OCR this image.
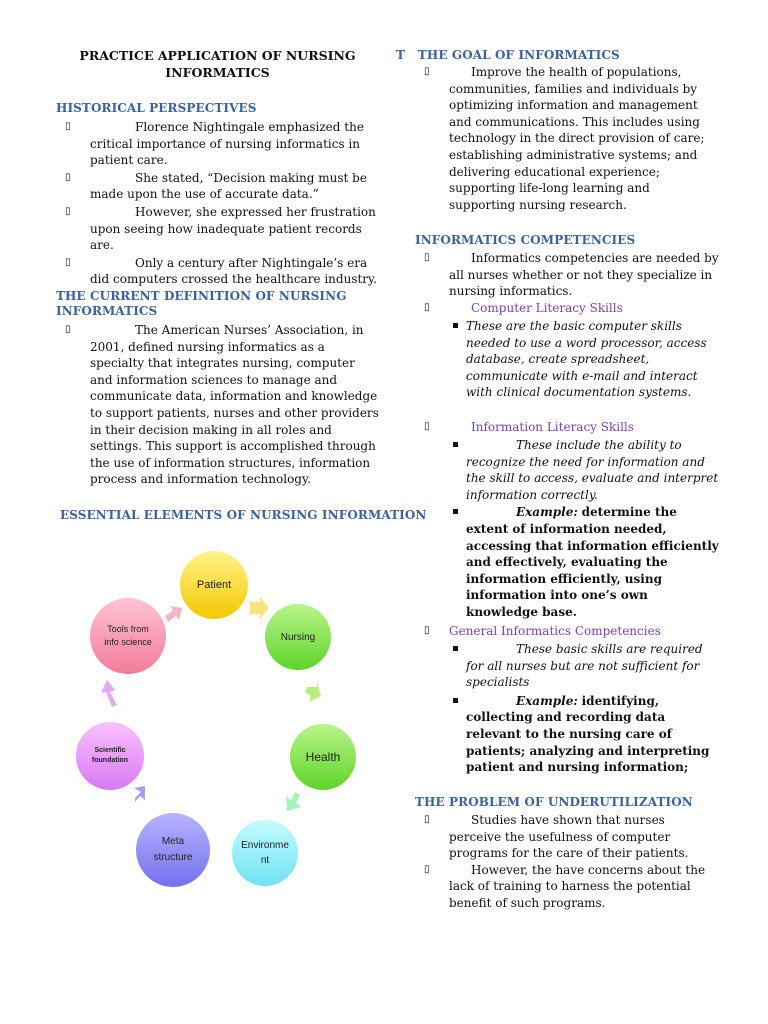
PRACTICE APPLICATION OF NURSING
INFORMATICS
HISTORICAL PERSPECTIVES
▯	Florence Nightingale emphasized the critical importance of nursing informatics in patient care.
▯	She stated, “Decision making must be made upon the use of accurate data.”
▯	However, she expressed her frustration upon seeing how inadequate patient records are.
▯	Only a century after Nightingale’s era did computers crossed the healthcare industry.
THE CURRENT DEFINITION OF NURSING
INFORMATICS
▯	The American Nurses’ Association, in 2001, defined nursing informatics as a specialty that integrates nursing, computer and information sciences to manage and communicate data, information and knowledge to support patients, nurses and other providers in their decision making in all roles and settings. This support is accomplished through the use of information structures, information process and information technology.
ESSENTIAL ELEMENTS OF NURSING INFORMATION
Patient
Nursing
Health
Environme nt
Meta structure
Scientific foundation
Tools from info science
T THE GOAL OF INFORMATICS
▯	Improve the health of populations, communities, families and individuals by optimizing information and management and communications. This includes using technology in the direct provision of care; establishing administrative systems; and delivering educational experience; supporting life-long learning and supporting nursing research.
INFORMATICS COMPETENCIES
▯	Informatics competencies are needed by all nurses whether or not they specialize in nursing informatics.
▯	Computer Literacy Skills
These are the basic computer skills needed to use a word processor, access database, create spreadsheet, communicate with e-mail and interact with clinical documentation systems.
▯	Information Literacy Skills
These include the ability to recognize the need for information and the skill to access, evaluate and interpret information correctly.
Example: determine the extent of information needed, accessing that information efficiently and effectively, evaluating the information efficiently, using information into one’s own knowledge base.
▯ General Informatics Competencies
These basic skills are required for all nurses but are not sufficient for specialists
Example: identifying, collecting and recording data relevant to the nursing care of patients; analyzing and interpreting patient and nursing information;
THE PROBLEM OF UNDERUTILIZATION
▯	Studies have shown that nurses perceive the usefulness of computer programs for the care of their patients.
▯	However, the have concerns about the lack of training to harness the potential benefit of such programs.
